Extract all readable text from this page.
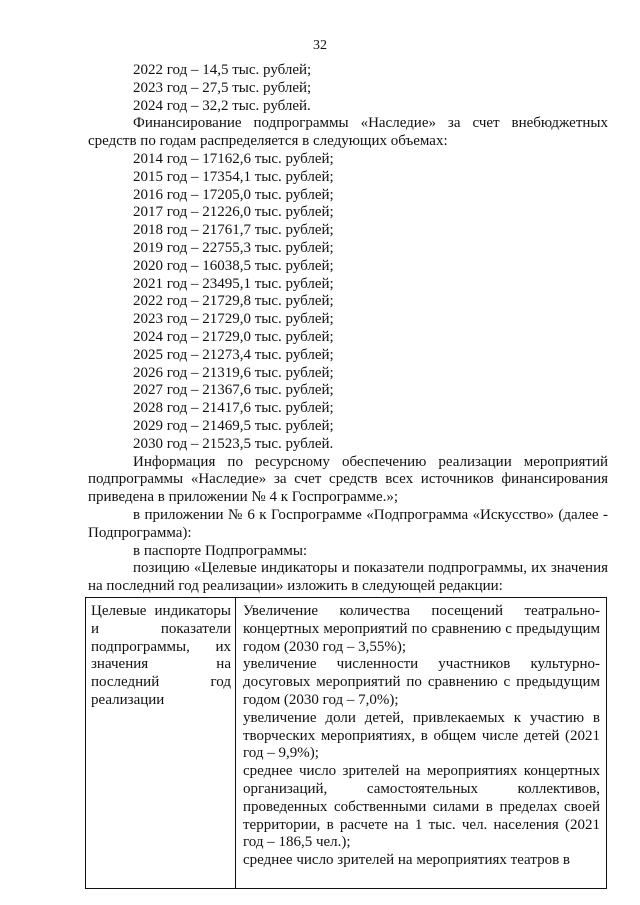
32

2022 год – 14,5 тыс. рублей;

2023 год – 27,5 тыс. рублей;

2024 год – 32,2 тыс. рублей.

Финансирование подпрограммы «Наследие» за счет внебюджетных

средств по годам распределяется в следующих объемах:

2014 год – 17162,6 тыс. рублей;

2015 год – 17354,1 тыс. рублей;

2016 год – 17205,0 тыс. рублей;

2017 год – 21226,0 тыс. рублей;

2018 год – 21761,7 тыс. рублей;

2019 год – 22755,3 тыс. рублей;

2020 год – 16038,5 тыс. рублей;

2021 год – 23495,1 тыс. рублей;

2022 год – 21729,8 тыс. рублей;

2023 год – 21729,0 тыс. рублей;

2024 год – 21729,0 тыс. рублей;

2025 год – 21273,4 тыс. рублей;

2026 год – 21319,6 тыс. рублей;

2027 год – 21367,6 тыс. рублей;

2028 год – 21417,6 тыс. рублей;

2029 год – 21469,5 тыс. рублей;

2030 год – 21523,5 тыс. рублей.

Информация по ресурсному обеспечению реализации мероприятий подпрограммы «Наследие» за счет средств всех источников финансирования приведена в приложении № 4 к Госпрограмме.»;

в приложении № 6 к Госпрограмме «Подпрограмма «Искусство» (далее - Подпрограмма):

в паспорте Подпрограммы:

позицию «Целевые индикаторы и показатели подпрограммы, их значения на последний год реализации» изложить в следующей редакции:

Целевые индикаторы
и показатели
подпрограммы, их
значения на
последний год
реализации

Увеличение количества посещений театрально-концертных мероприятий по сравнению с предыдущим годом (2030 год – 3,55%);

увеличение численности участников культурно-досуговых мероприятий по сравнению с предыдущим годом (2030 год – 7,0%);

увеличение доли детей, привлекаемых к участию в творческих мероприятиях, в общем числе детей (2021 год – 9,9%);

среднее число зрителей на мероприятиях концертных организаций, самостоятельных коллективов, проведенных собственными силами в пределах своей территории, в расчете на 1 тыс. чел. населения (2021 год – 186,5 чел.);

среднее число зрителей на мероприятиях театров в
